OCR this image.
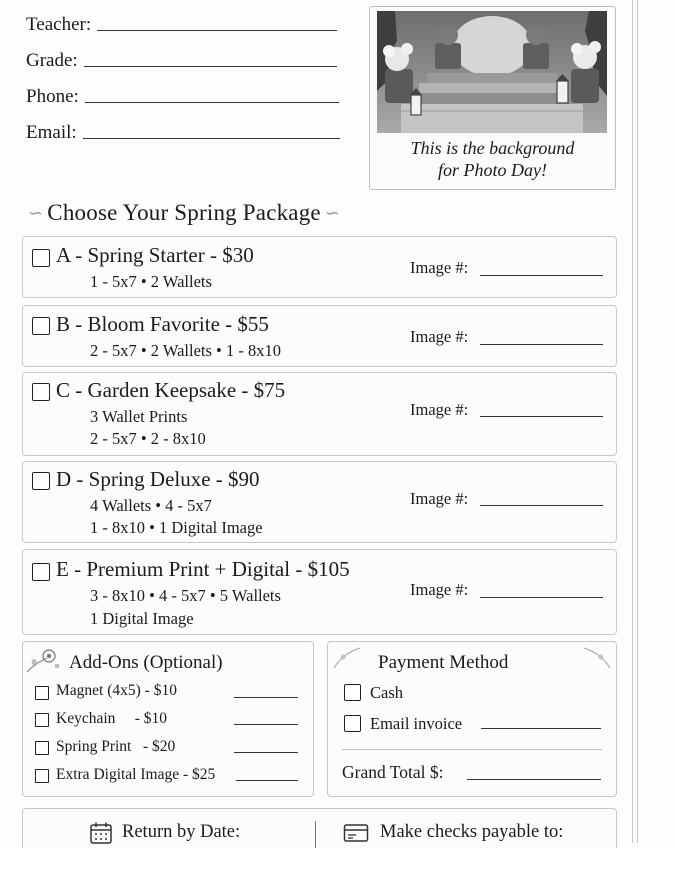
Teacher:
Grade:
Phone:
Email:
This is the background
for Photo Day!
∽ Choose Your Spring Package ∽
A - Spring Starter - $30
1 - 5x7 • 2 Wallets
Image #:
B - Bloom Favorite - $55
2 - 5x7 • 2 Wallets • 1 - 8x10
Image #:
C - Garden Keepsake - $75
3 Wallet Prints
2 - 5x7 • 2 - 8x10
Image #:
D - Spring Deluxe - $90
4 Wallets • 4 - 5x7
1 - 8x10 • 1 Digital Image
Image #:
E - Premium Print + Digital - $105
3 - 8x10 • 4 - 5x7 • 5 Wallets
1 Digital Image
Image #:
Add-Ons (Optional)
Magnet (4x5) - $10
Keychain     - $10
Spring Print   - $20
Extra Digital Image - $25
Payment Method
Cash
Email invoice
Grand Total $:
Return by Date:	Make checks payable to:
